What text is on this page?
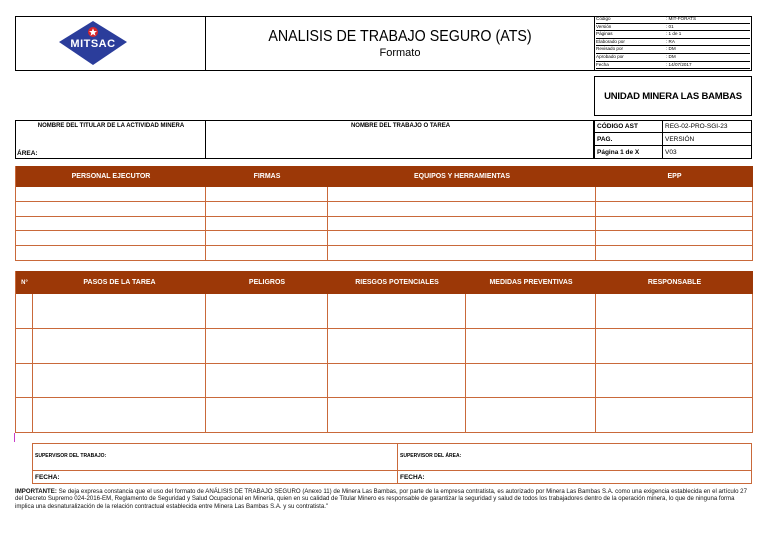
MITSAC	ANALISIS DE TRABAJO SEGURO (ATS)
Formato
Código	: MIT-FORATS
Versión	: 01
Páginas	: 1 de 1
Elaborado por	: RA
Revisado por	: DM
Aprobado por	: DM
Fecha	: 14/07/2017
UNIDAD MINERA LAS BAMBAS
NOMBRE DEL TITULAR DE LA ACTIVIDAD MINERA
ÁREA:
NOMBRE DEL TRABAJO O TAREA	CÓDIGO AST	REG-02-PRO-SGI-23
PAG.	VERSIÓN
Página 1 de X	V03
PERSONAL EJECUTOR	FIRMAS	EQUIPOS Y HERRAMIENTAS	EPP
N°	PASOS DE LA TAREA	PELIGROS	RIESGOS POTENCIALES	MEDIDAS PREVENTIVAS	RESPONSABLE
SUPERVISOR DEL TRABAJO:	SUPERVISOR DEL ÁREA:
FECHA:	FECHA:
IMPORTANTE: Se deja expresa constancia que el uso del formato de ANÁLISIS DE TRABAJO SEGURO (Anexo 11) de Minera Las Bambas, por parte de la empresa contratista, es autorizado por Minera Las Bambas S.A. como una exigencia establecida en el artículo 27 del Decreto Supremo 024-2016-EM, Reglamento de Seguridad y Salud Ocupacional en Minería, quien en su calidad de Titular Minero es responsable de garantizar la seguridad y salud de todos los trabajadores dentro de la operación minera, lo que de ninguna forma implica una desnaturalización de la relación contractual establecida entre Minera Las Bambas S.A. y su contratista."
